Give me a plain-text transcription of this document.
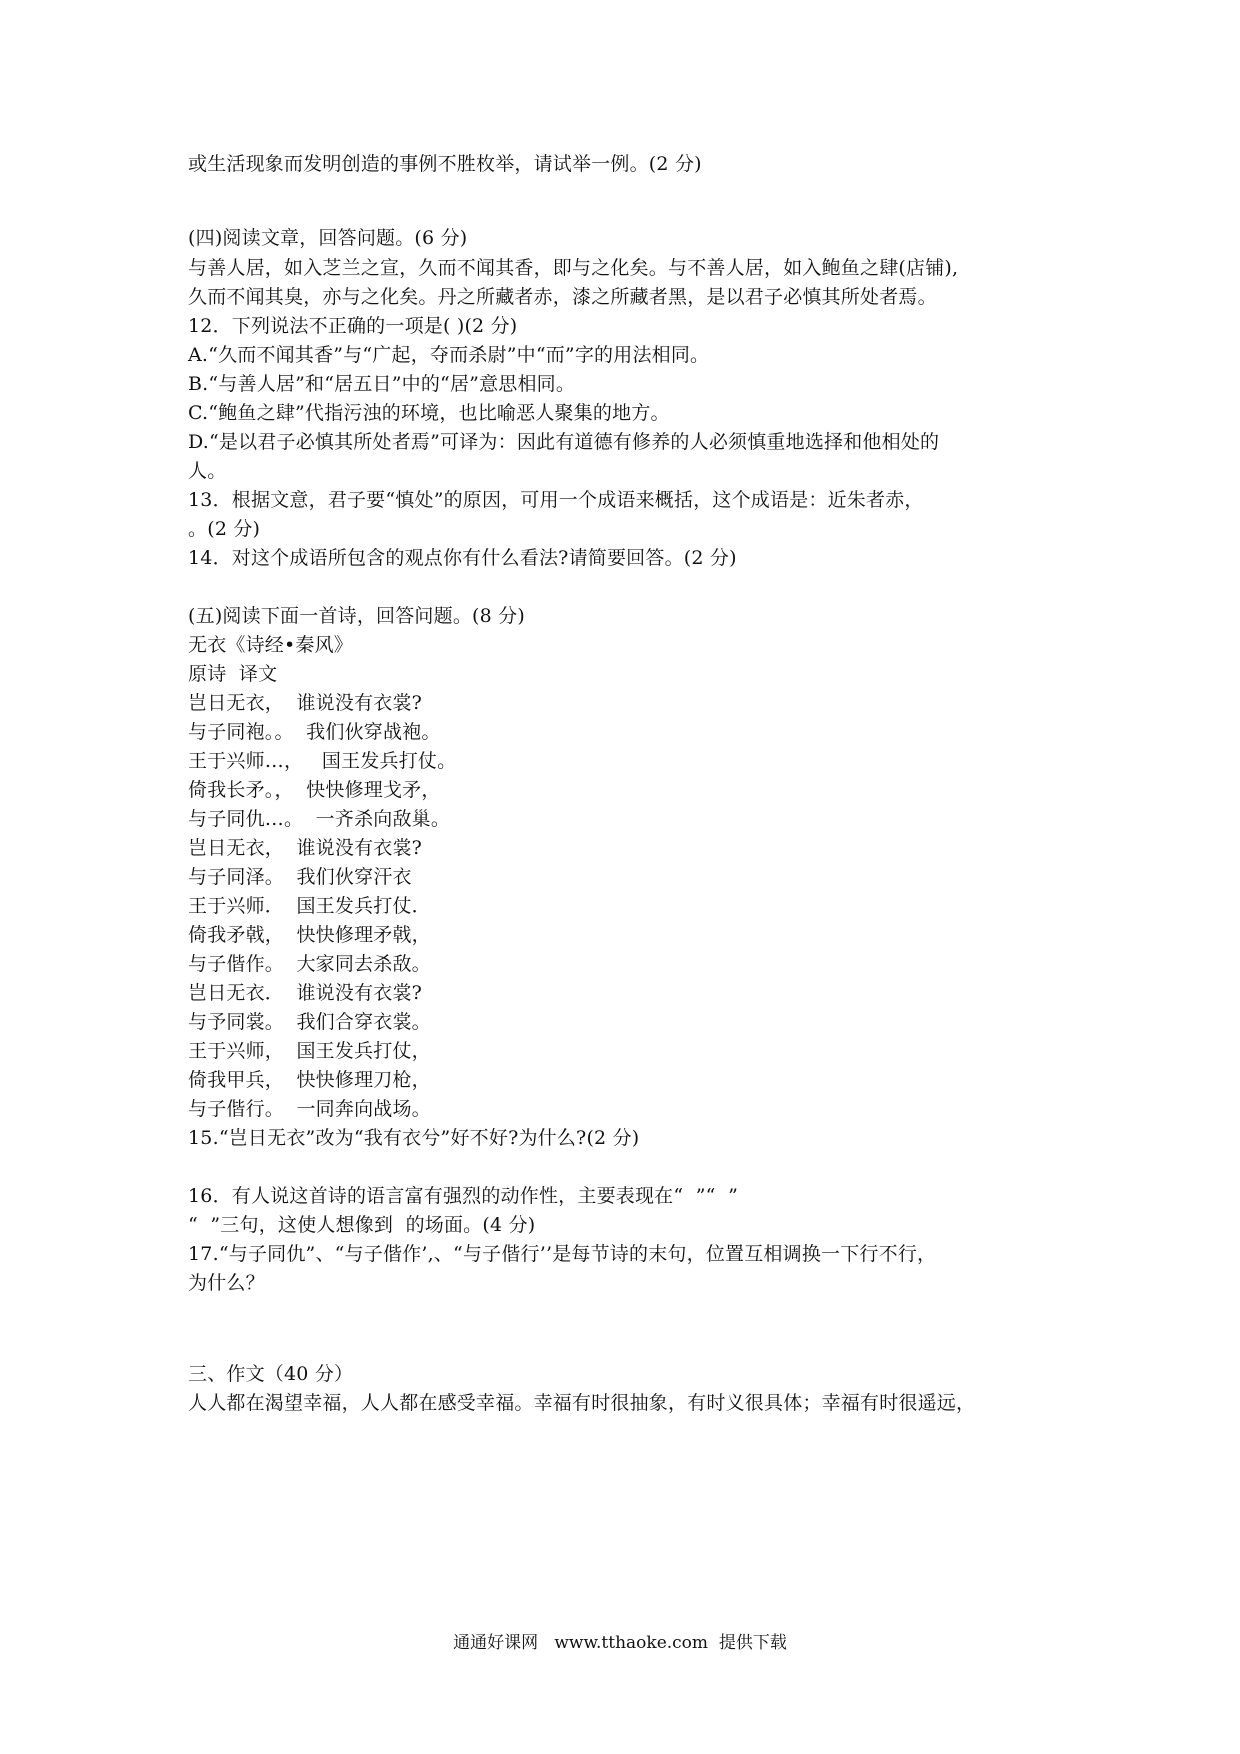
或生活现象而发明创造的事例不胜枚举，请试举一例。(2 分)
(四)阅读文章，回答问题。(6 分)
与善人居，如入芝兰之宣，久而不闻其香，即与之化矣。与不善人居，如入鲍鱼之肆(店铺),
久而不闻其臭，亦与之化矣。丹之所藏者赤，漆之所藏者黑，是以君子必慎其所处者焉。
12．下列说法不正确的一项是( )(2 分)
A.“久而不闻其香”与“广起，夺而杀尉”中“而”字的用法相同。
B.“与善人居”和“居五日”中的“居”意思相同。
C.“鲍鱼之肆”代指污浊的环境，也比喻恶人聚集的地方。
D.“是以君子必慎其所处者焉”可译为：因此有道德有修养的人必须慎重地选择和他相处的
人。
13．根据文意，君子要“慎处”的原因，可用一个成语来概括，这个成语是：近朱者赤，
。(2 分)
14．对这个成语所包含的观点你有什么看法?请简要回答。(2 分)
(五)阅读下面一首诗，回答问题。(8 分)
无衣《诗经•秦风》
原诗  译文
岂日无衣，  谁说没有衣裳?
与子同袍。。  我们伙穿战袍。
王于兴师…，   国王发兵打仗。
倚我长矛。，  快快修理戈矛，
与子同仇…。  一齐杀向敌巢。
岂日无衣，  谁说没有衣裳?
与子同泽。  我们伙穿汗衣
王于兴师．  国王发兵打仗．
倚我矛戟，  快快修理矛戟，
与子偕作。  大家同去杀敌。
岂日无衣．  谁说没有衣裳?
与予同裳。  我们合穿衣裳。
王于兴师，  国王发兵打仗，
倚我甲兵，  快快修理刀枪，
与子偕行。  一同奔向战场。
15.“岂日无衣”改为“我有衣兮”好不好?为什么?(2 分)
16．有人说这首诗的语言富有强烈的动作性，主要表现在“  ”“  ”
“  ”三句，这使人想像到  的场面。(4 分)
17.“与子同仇”、“与子偕作’,、“与子偕行’’是每节诗的末句，位置互相调换一下行不行，
为什么？
三、作文（40 分）
人人都在渴望幸福，人人都在感受幸福。幸福有时很抽象，有时义很具体；幸福有时很遥远，
通通好课网   www.tthaoke.com  提供下载
